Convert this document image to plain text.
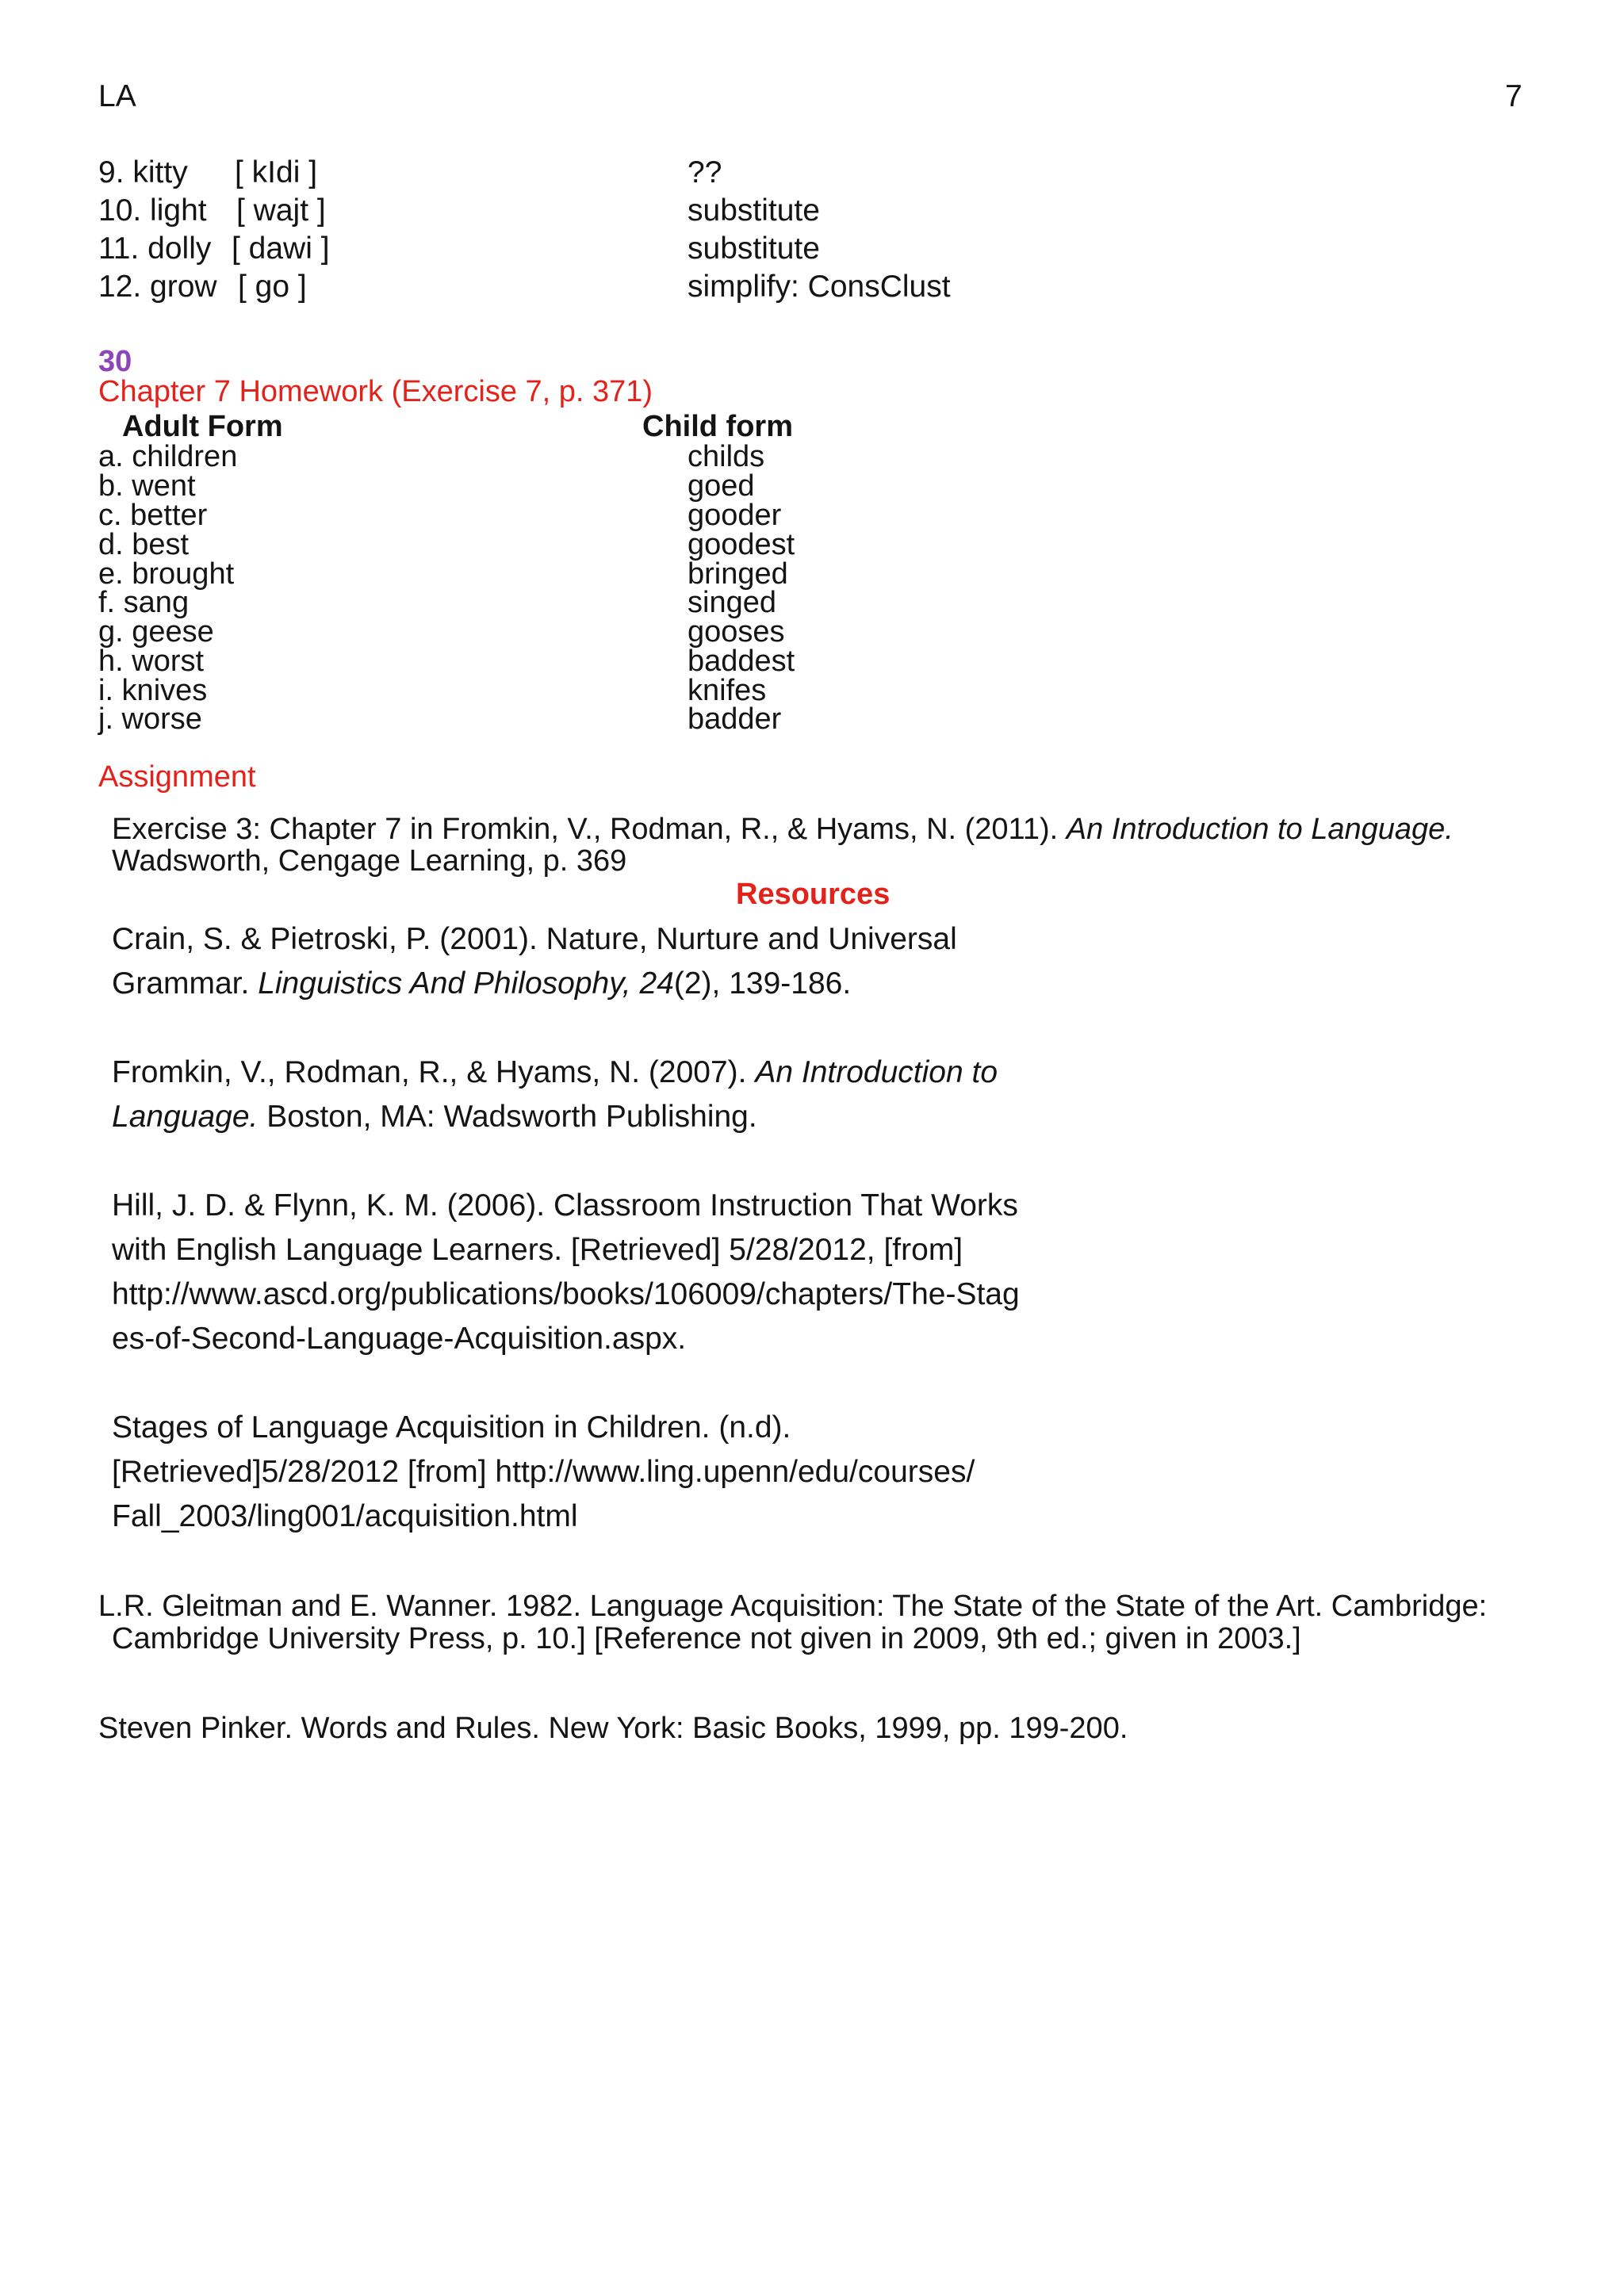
LA	7
9. kitty [ kIdi ]	??
10. light [ wajt ]	substitute
11. dolly [ dawi ]	substitute
12. grow [ go ]	simplify: ConsClust
30
Chapter 7 Homework (Exercise 7, p. 371)
Adult Form	Child form
a. children	childs
b. went	goed
c. better	gooder
d. best	goodest
e. brought	bringed
f. sang	singed
g. geese	gooses
h. worst	baddest
i. knives	knifes
j. worse	badder
Assignment
Exercise 3: Chapter 7 in Fromkin, V., Rodman, R., & Hyams, N. (2011). An Introduction to Language.
Wadsworth, Cengage Learning, p. 369
Resources
Crain, S. & Pietroski, P. (2001). Nature, Nurture and Universal
Grammar. Linguistics And Philosophy, 24(2), 139-186.
Fromkin, V., Rodman, R., & Hyams, N. (2007). An Introduction to
Language. Boston, MA: Wadsworth Publishing.
Hill, J. D. & Flynn, K. M. (2006). Classroom Instruction That Works
with English Language Learners. [Retrieved] 5/28/2012, [from]
http://www.ascd.org/publications/books/106009/chapters/The-Stag
es-of-Second-Language-Acquisition.aspx.
Stages of Language Acquisition in Children. (n.d).
[Retrieved]5/28/2012 [from] http://www.ling.upenn/edu/courses/
Fall_2003/ling001/acquisition.html
L.R. Gleitman and E. Wanner. 1982. Language Acquisition: The State of the State of the Art. Cambridge:
Cambridge University Press, p. 10.] [Reference not given in 2009, 9th ed.; given in 2003.]
Steven Pinker. Words and Rules. New York: Basic Books, 1999, pp. 199-200.
